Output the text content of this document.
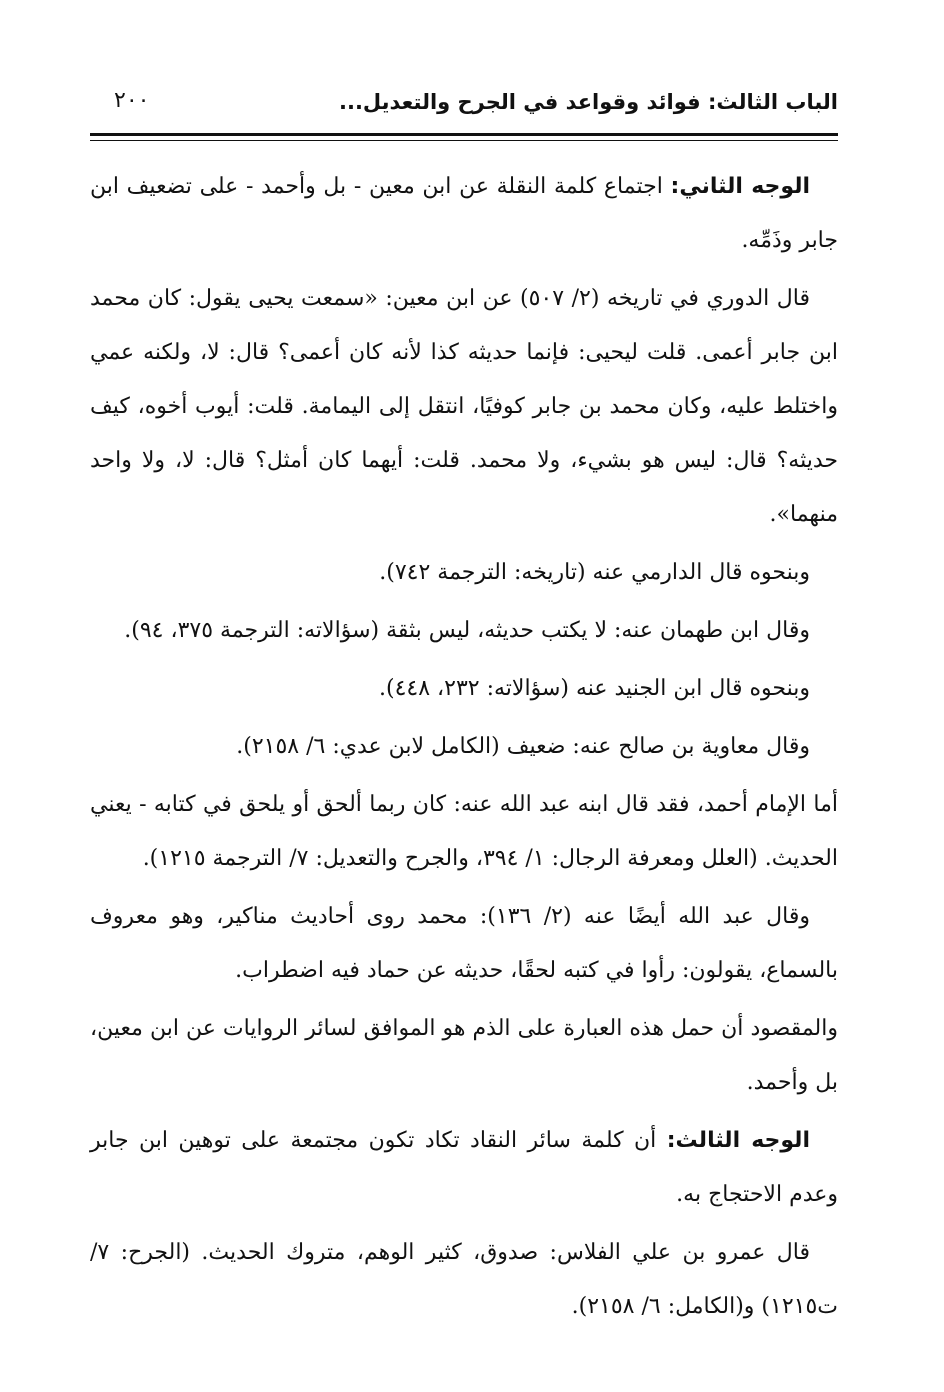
الباب الثالث: فوائد وقواعد في الجرح والتعديل...
٢٠٠

الوجه الثاني: اجتماع كلمة النقلة عن ابن معين - بل وأحمد - على تضعيف ابن جابر وذَمِّه.

قال الدوري في تاريخه (٢/ ٥٠٧) عن ابن معين: «سمعت يحيى يقول: كان محمد ابن جابر أعمى. قلت ليحيى: فإنما حديثه كذا لأنه كان أعمى؟ قال: لا، ولكنه عمي واختلط عليه، وكان محمد بن جابر كوفيًا، انتقل إلى اليمامة. قلت: أيوب أخوه، كيف حديثه؟ قال: ليس هو بشيء، ولا محمد. قلت: أيهما كان أمثل؟ قال: لا، ولا واحد منهما».

وبنحوه قال الدارمي عنه (تاريخه: الترجمة ٧٤٢).

وقال ابن طهمان عنه: لا يكتب حديثه، ليس بثقة (سؤالاته: الترجمة ٣٧٥، ٩٤).

وبنحوه قال ابن الجنيد عنه (سؤالاته: ٢٣٢، ٤٤٨).

وقال معاوية بن صالح عنه: ضعيف (الكامل لابن عدي: ٦/ ٢١٥٨).

أما الإمام أحمد، فقد قال ابنه عبد الله عنه: كان ربما ألحق أو يلحق في كتابه - يعني الحديث. (العلل ومعرفة الرجال: ١/ ٣٩٤، والجرح والتعديل: ٧/ الترجمة ١٢١٥).

وقال عبد الله أيضًا عنه (٢/ ١٣٦): محمد روى أحاديث مناكير، وهو معروف بالسماع، يقولون: رأوا في كتبه لحقًا، حديثه عن حماد فيه اضطراب.

والمقصود أن حمل هذه العبارة على الذم هو الموافق لسائر الروايات عن ابن معين، بل وأحمد.

الوجه الثالث: أن كلمة سائر النقاد تكاد تكون مجتمعة على توهين ابن جابر وعدم الاحتجاج به.

قال عمرو بن علي الفلاس: صدوق، كثير الوهم، متروك الحديث. (الجرح: ٧/ ت١٢١٥) و(الكامل: ٦/ ٢١٥٨).
